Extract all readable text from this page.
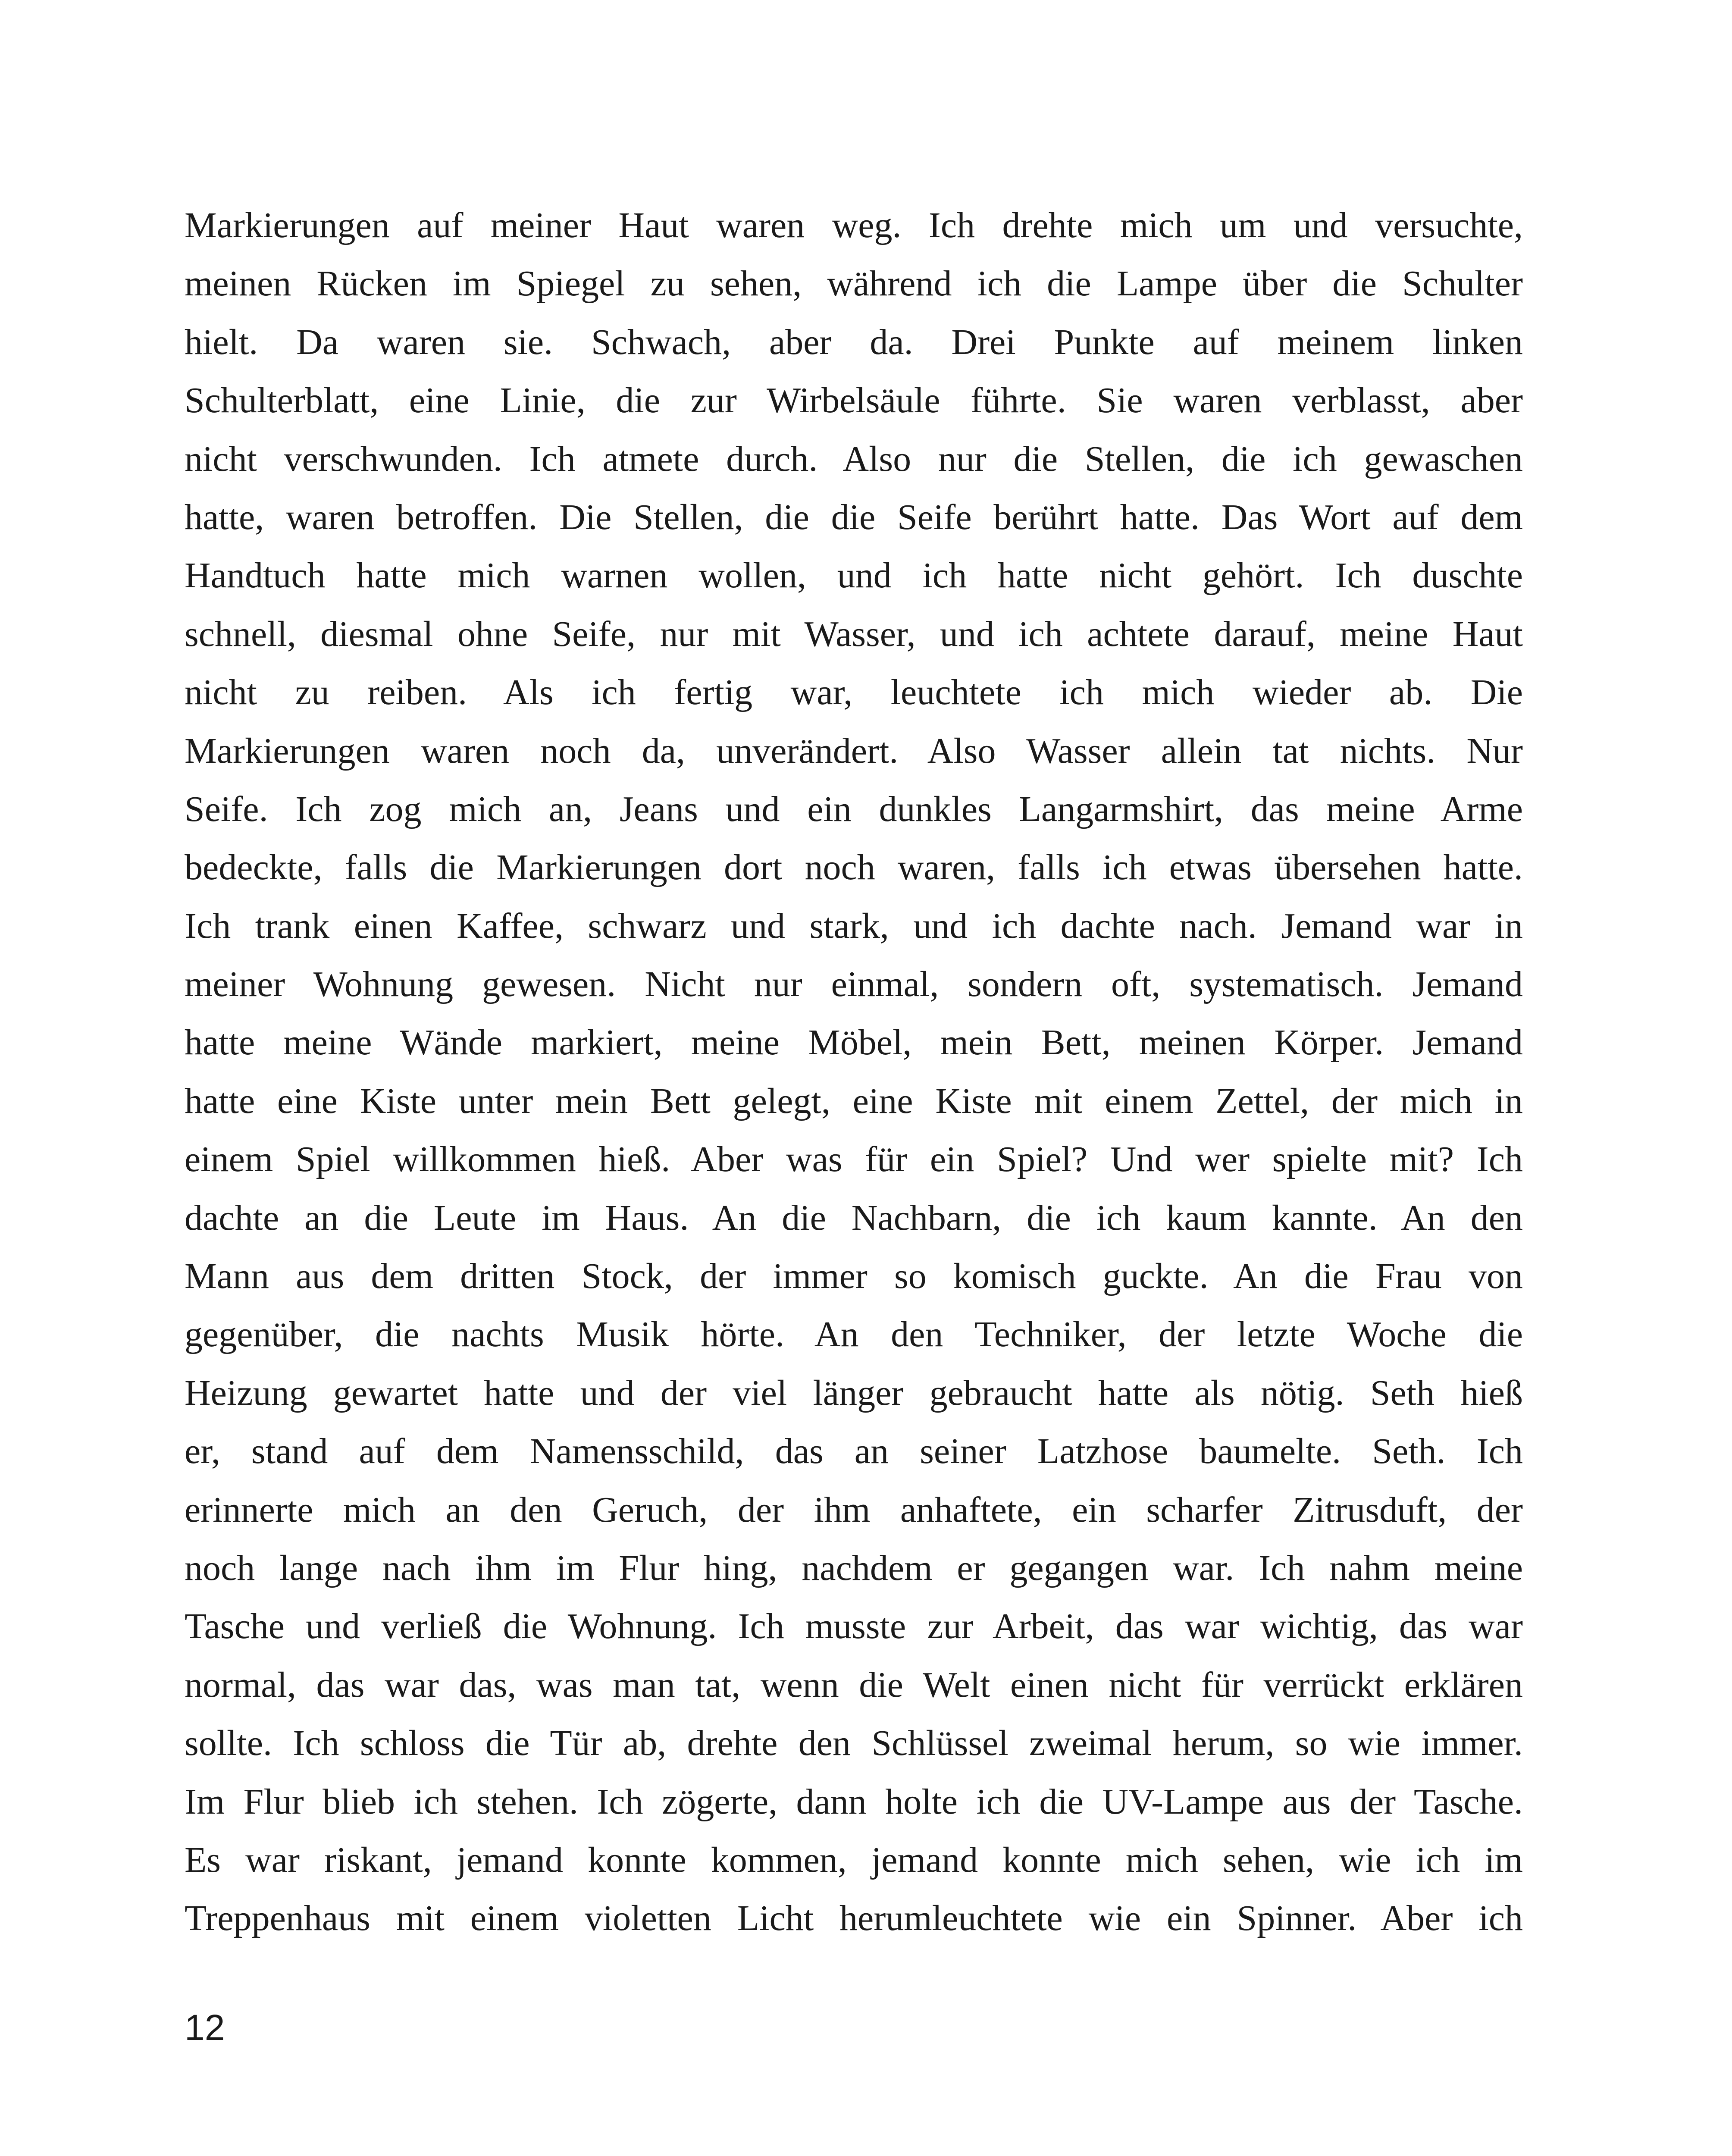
Markierungen auf meiner Haut waren weg. Ich drehte mich um und versuchte,
meinen Rücken im Spiegel zu sehen, während ich die Lampe über die Schulter
hielt. Da waren sie. Schwach, aber da. Drei Punkte auf meinem linken
Schulterblatt, eine Linie, die zur Wirbelsäule führte. Sie waren verblasst, aber
nicht verschwunden. Ich atmete durch. Also nur die Stellen, die ich gewaschen
hatte, waren betroffen. Die Stellen, die die Seife berührt hatte. Das Wort auf dem
Handtuch hatte mich warnen wollen, und ich hatte nicht gehört. Ich duschte
schnell, diesmal ohne Seife, nur mit Wasser, und ich achtete darauf, meine Haut
nicht zu reiben. Als ich fertig war, leuchtete ich mich wieder ab. Die
Markierungen waren noch da, unverändert. Also Wasser allein tat nichts. Nur
Seife. Ich zog mich an, Jeans und ein dunkles Langarmshirt, das meine Arme
bedeckte, falls die Markierungen dort noch waren, falls ich etwas übersehen hatte.
Ich trank einen Kaffee, schwarz und stark, und ich dachte nach. Jemand war in
meiner Wohnung gewesen. Nicht nur einmal, sondern oft, systematisch. Jemand
hatte meine Wände markiert, meine Möbel, mein Bett, meinen Körper. Jemand
hatte eine Kiste unter mein Bett gelegt, eine Kiste mit einem Zettel, der mich in
einem Spiel willkommen hieß. Aber was für ein Spiel? Und wer spielte mit? Ich
dachte an die Leute im Haus. An die Nachbarn, die ich kaum kannte. An den
Mann aus dem dritten Stock, der immer so komisch guckte. An die Frau von
gegenüber, die nachts Musik hörte. An den Techniker, der letzte Woche die
Heizung gewartet hatte und der viel länger gebraucht hatte als nötig. Seth hieß
er, stand auf dem Namensschild, das an seiner Latzhose baumelte. Seth. Ich
erinnerte mich an den Geruch, der ihm anhaftete, ein scharfer Zitrusduft, der
noch lange nach ihm im Flur hing, nachdem er gegangen war. Ich nahm meine
Tasche und verließ die Wohnung. Ich musste zur Arbeit, das war wichtig, das war
normal, das war das, was man tat, wenn die Welt einen nicht für verrückt erklären
sollte. Ich schloss die Tür ab, drehte den Schlüssel zweimal herum, so wie immer.
Im Flur blieb ich stehen. Ich zögerte, dann holte ich die UV-Lampe aus der Tasche.
Es war riskant, jemand konnte kommen, jemand konnte mich sehen, wie ich im
Treppenhaus mit einem violetten Licht herumleuchtete wie ein Spinner. Aber ich
12
